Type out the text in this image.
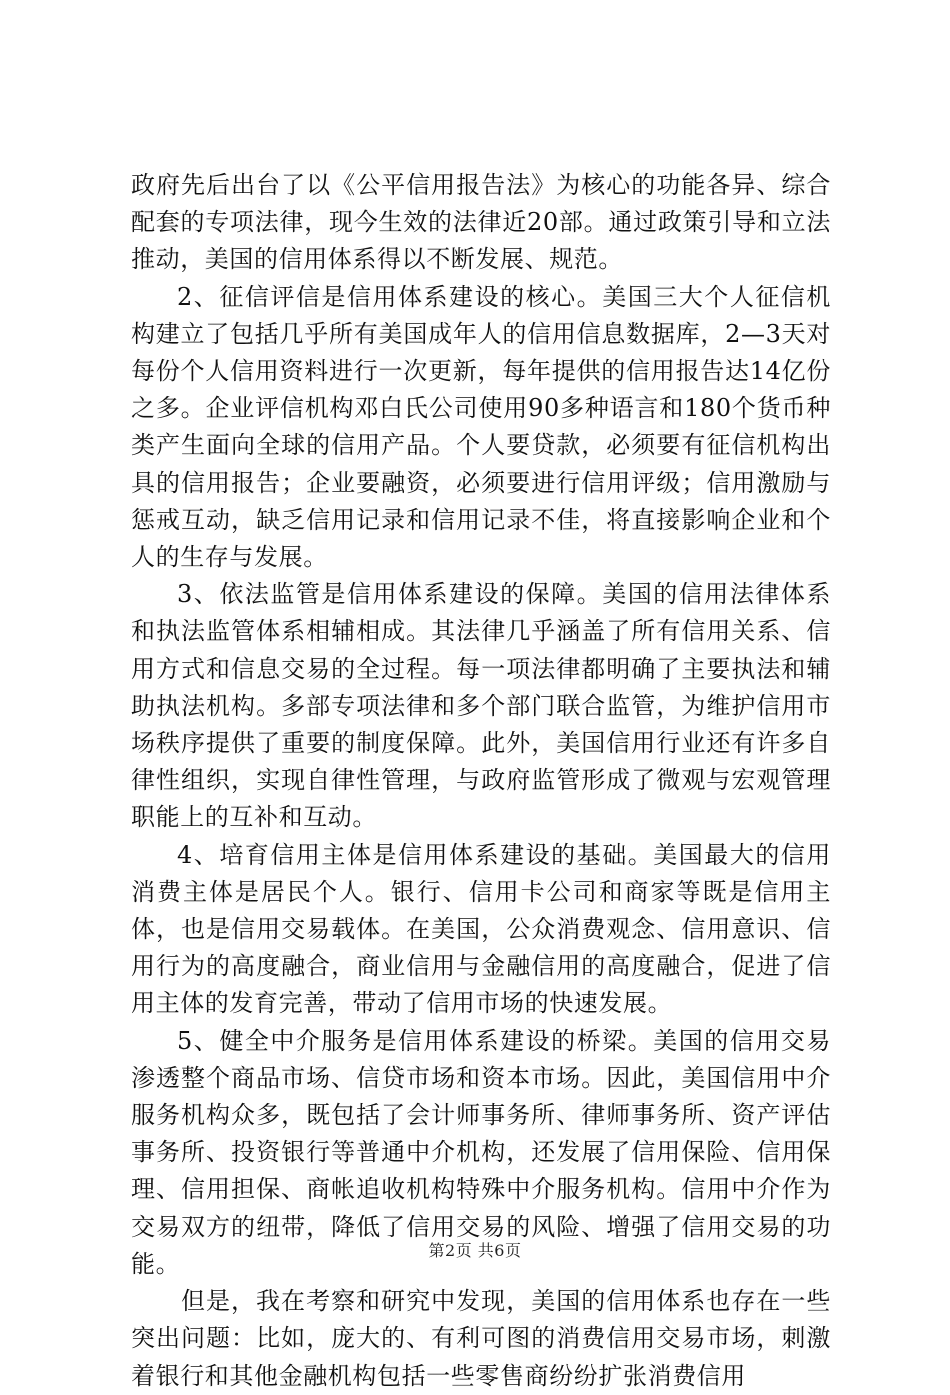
政府先后出台了以《公平信用报告法》为核心的功能各异、综合配套的专项法律，现今生效的法律近20部。通过政策引导和立法推动，美国的信用体系得以不断发展、规范。

2、征信评信是信用体系建设的核心。美国三大个人征信机构建立了包括几乎所有美国成年人的信用信息数据库，2—3天对每份个人信用资料进行一次更新，每年提供的信用报告达14亿份之多。企业评信机构邓白氏公司使用90多种语言和180个货币种类产生面向全球的信用产品。个人要贷款，必须要有征信机构出具的信用报告；企业要融资，必须要进行信用评级；信用激励与惩戒互动，缺乏信用记录和信用记录不佳，将直接影响企业和个人的生存与发展。

3、依法监管是信用体系建设的保障。美国的信用法律体系和执法监管体系相辅相成。其法律几乎涵盖了所有信用关系、信用方式和信息交易的全过程。每一项法律都明确了主要执法和辅助执法机构。多部专项法律和多个部门联合监管，为维护信用市场秩序提供了重要的制度保障。此外，美国信用行业还有许多自律性组织，实现自律性管理，与政府监管形成了微观与宏观管理职能上的互补和互动。

4、培育信用主体是信用体系建设的基础。美国最大的信用消费主体是居民个人。银行、信用卡公司和商家等既是信用主体，也是信用交易载体。在美国，公众消费观念、信用意识、信用行为的高度融合，商业信用与金融信用的高度融合，促进了信用主体的发育完善，带动了信用市场的快速发展。

5、健全中介服务是信用体系建设的桥梁。美国的信用交易渗透整个商品市场、信贷市场和资本市场。因此，美国信用中介服务机构众多，既包括了会计师事务所、律师事务所、资产评估事务所、投资银行等普通中介机构，还发展了信用保险、信用保理、信用担保、商帐追收机构特殊中介服务机构。信用中介作为交易双方的纽带，降低了信用交易的风险、增强了信用交易的功能。

但是，我在考察和研究中发现，美国的信用体系也存在一些突出问题：比如，庞大的、有利可图的消费信用交易市场，刺激着银行和其他金融机构包括一些零售商纷纷扩张消费信用

第2页 共6页
